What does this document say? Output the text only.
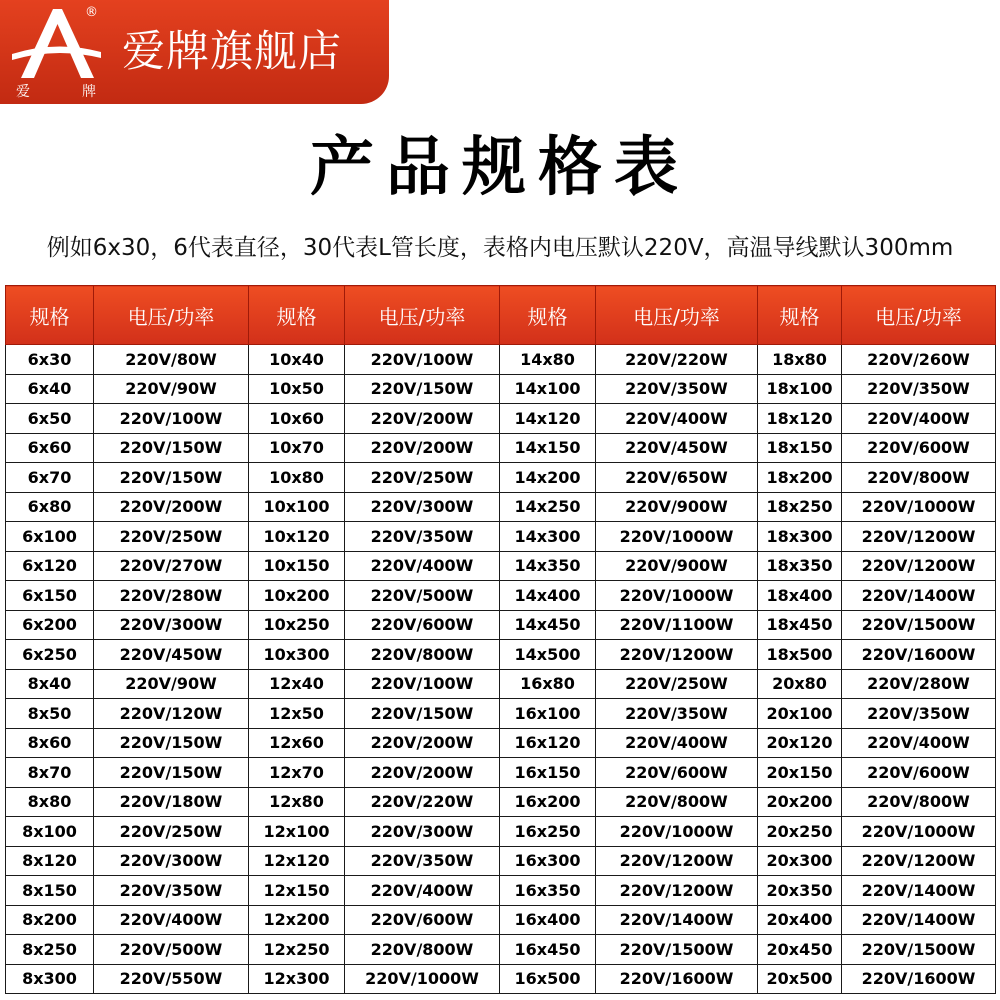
®
爱	牌
爱牌旗舰店
产品规格表
例如6x30，6代表直径，30代表L管长度，表格内电压默认220V，高温导线默认300mm
规格	电压/功率	规格	电压/功率	规格	电压/功率	规格	电压/功率
6x30	220V/80W	10x40	220V/100W	14x80	220V/220W	18x80	220V/260W
6x40	220V/90W	10x50	220V/150W	14x100	220V/350W	18x100	220V/350W
6x50	220V/100W	10x60	220V/200W	14x120	220V/400W	18x120	220V/400W
6x60	220V/150W	10x70	220V/200W	14x150	220V/450W	18x150	220V/600W
6x70	220V/150W	10x80	220V/250W	14x200	220V/650W	18x200	220V/800W
6x80	220V/200W	10x100	220V/300W	14x250	220V/900W	18x250	220V/1000W
6x100	220V/250W	10x120	220V/350W	14x300	220V/1000W	18x300	220V/1200W
6x120	220V/270W	10x150	220V/400W	14x350	220V/900W	18x350	220V/1200W
6x150	220V/280W	10x200	220V/500W	14x400	220V/1000W	18x400	220V/1400W
6x200	220V/300W	10x250	220V/600W	14x450	220V/1100W	18x450	220V/1500W
6x250	220V/450W	10x300	220V/800W	14x500	220V/1200W	18x500	220V/1600W
8x40	220V/90W	12x40	220V/100W	16x80	220V/250W	20x80	220V/280W
8x50	220V/120W	12x50	220V/150W	16x100	220V/350W	20x100	220V/350W
8x60	220V/150W	12x60	220V/200W	16x120	220V/400W	20x120	220V/400W
8x70	220V/150W	12x70	220V/200W	16x150	220V/600W	20x150	220V/600W
8x80	220V/180W	12x80	220V/220W	16x200	220V/800W	20x200	220V/800W
8x100	220V/250W	12x100	220V/300W	16x250	220V/1000W	20x250	220V/1000W
8x120	220V/300W	12x120	220V/350W	16x300	220V/1200W	20x300	220V/1200W
8x150	220V/350W	12x150	220V/400W	16x350	220V/1200W	20x350	220V/1400W
8x200	220V/400W	12x200	220V/600W	16x400	220V/1400W	20x400	220V/1400W
8x250	220V/500W	12x250	220V/800W	16x450	220V/1500W	20x450	220V/1500W
8x300	220V/550W	12x300	220V/1000W	16x500	220V/1600W	20x500	220V/1600W
